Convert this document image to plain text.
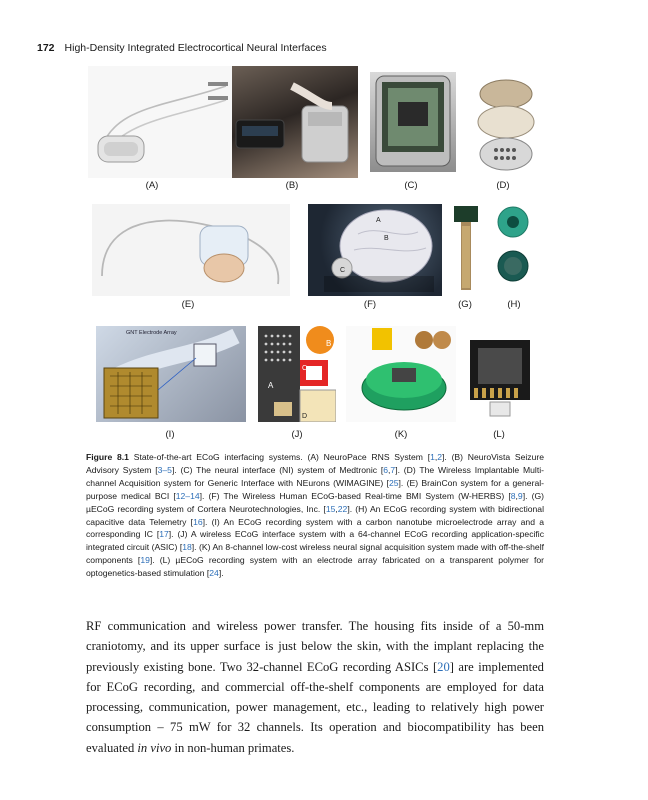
172 High-Density Integrated Electrocortical Neural Interfaces
(A)	(B)	(C)	(D)
A
B
C
(E)	(F)	(G)	(H)
GNT Electrode Array
A
B
C
D
(I)	(J)	(K)	(L)
Figure 8.1 State-of-the-art ECoG interfacing systems. (A) NeuroPace RNS System [1,2]. (B) NeuroVista Seizure Advisory System [3–5]. (C) The neural interface (NI) system of Medtronic [6,7]. (D) The Wireless Implantable Multi-channel Acquisition system for Generic Interface with NEurons (WIMAGINE) [25]. (E) BrainCon system for a general-purpose medical BCI [12–14]. (F) The Wireless Human ECoG-based Real-time BMI System (W-HERBS) [8,9]. (G) µECoG recording system of Cortera Neurotechnologies, Inc. [15,22]. (H) An ECoG recording system with bidirectional capacitive data Telemetry [16]. (I) An ECoG recording system with a carbon nanotube microelectrode array and a corresponding IC [17]. (J) A wireless ECoG interface system with a 64-channel ECoG recording application-specific integrated circuit (ASIC) [18]. (K) An 8-channel low-cost wireless neural signal acquisition system made with off-the-shelf components [19]. (L) µECoG recording system with an electrode array fabricated on a transparent polymer for optogenetics-based stimulation [24].
RF communication and wireless power transfer. The housing fits inside of a 50-mm craniotomy, and its upper surface is just below the skin, with the implant replacing the previously existing bone. Two 32-channel ECoG recording ASICs [20] are implemented for ECoG recording, and commercial off-the-shelf components are employed for data processing, communication, power management, etc., leading to relatively high power consumption – 75 mW for 32 channels. Its operation and biocompatibility has been evaluated in vivo in non-human primates.
